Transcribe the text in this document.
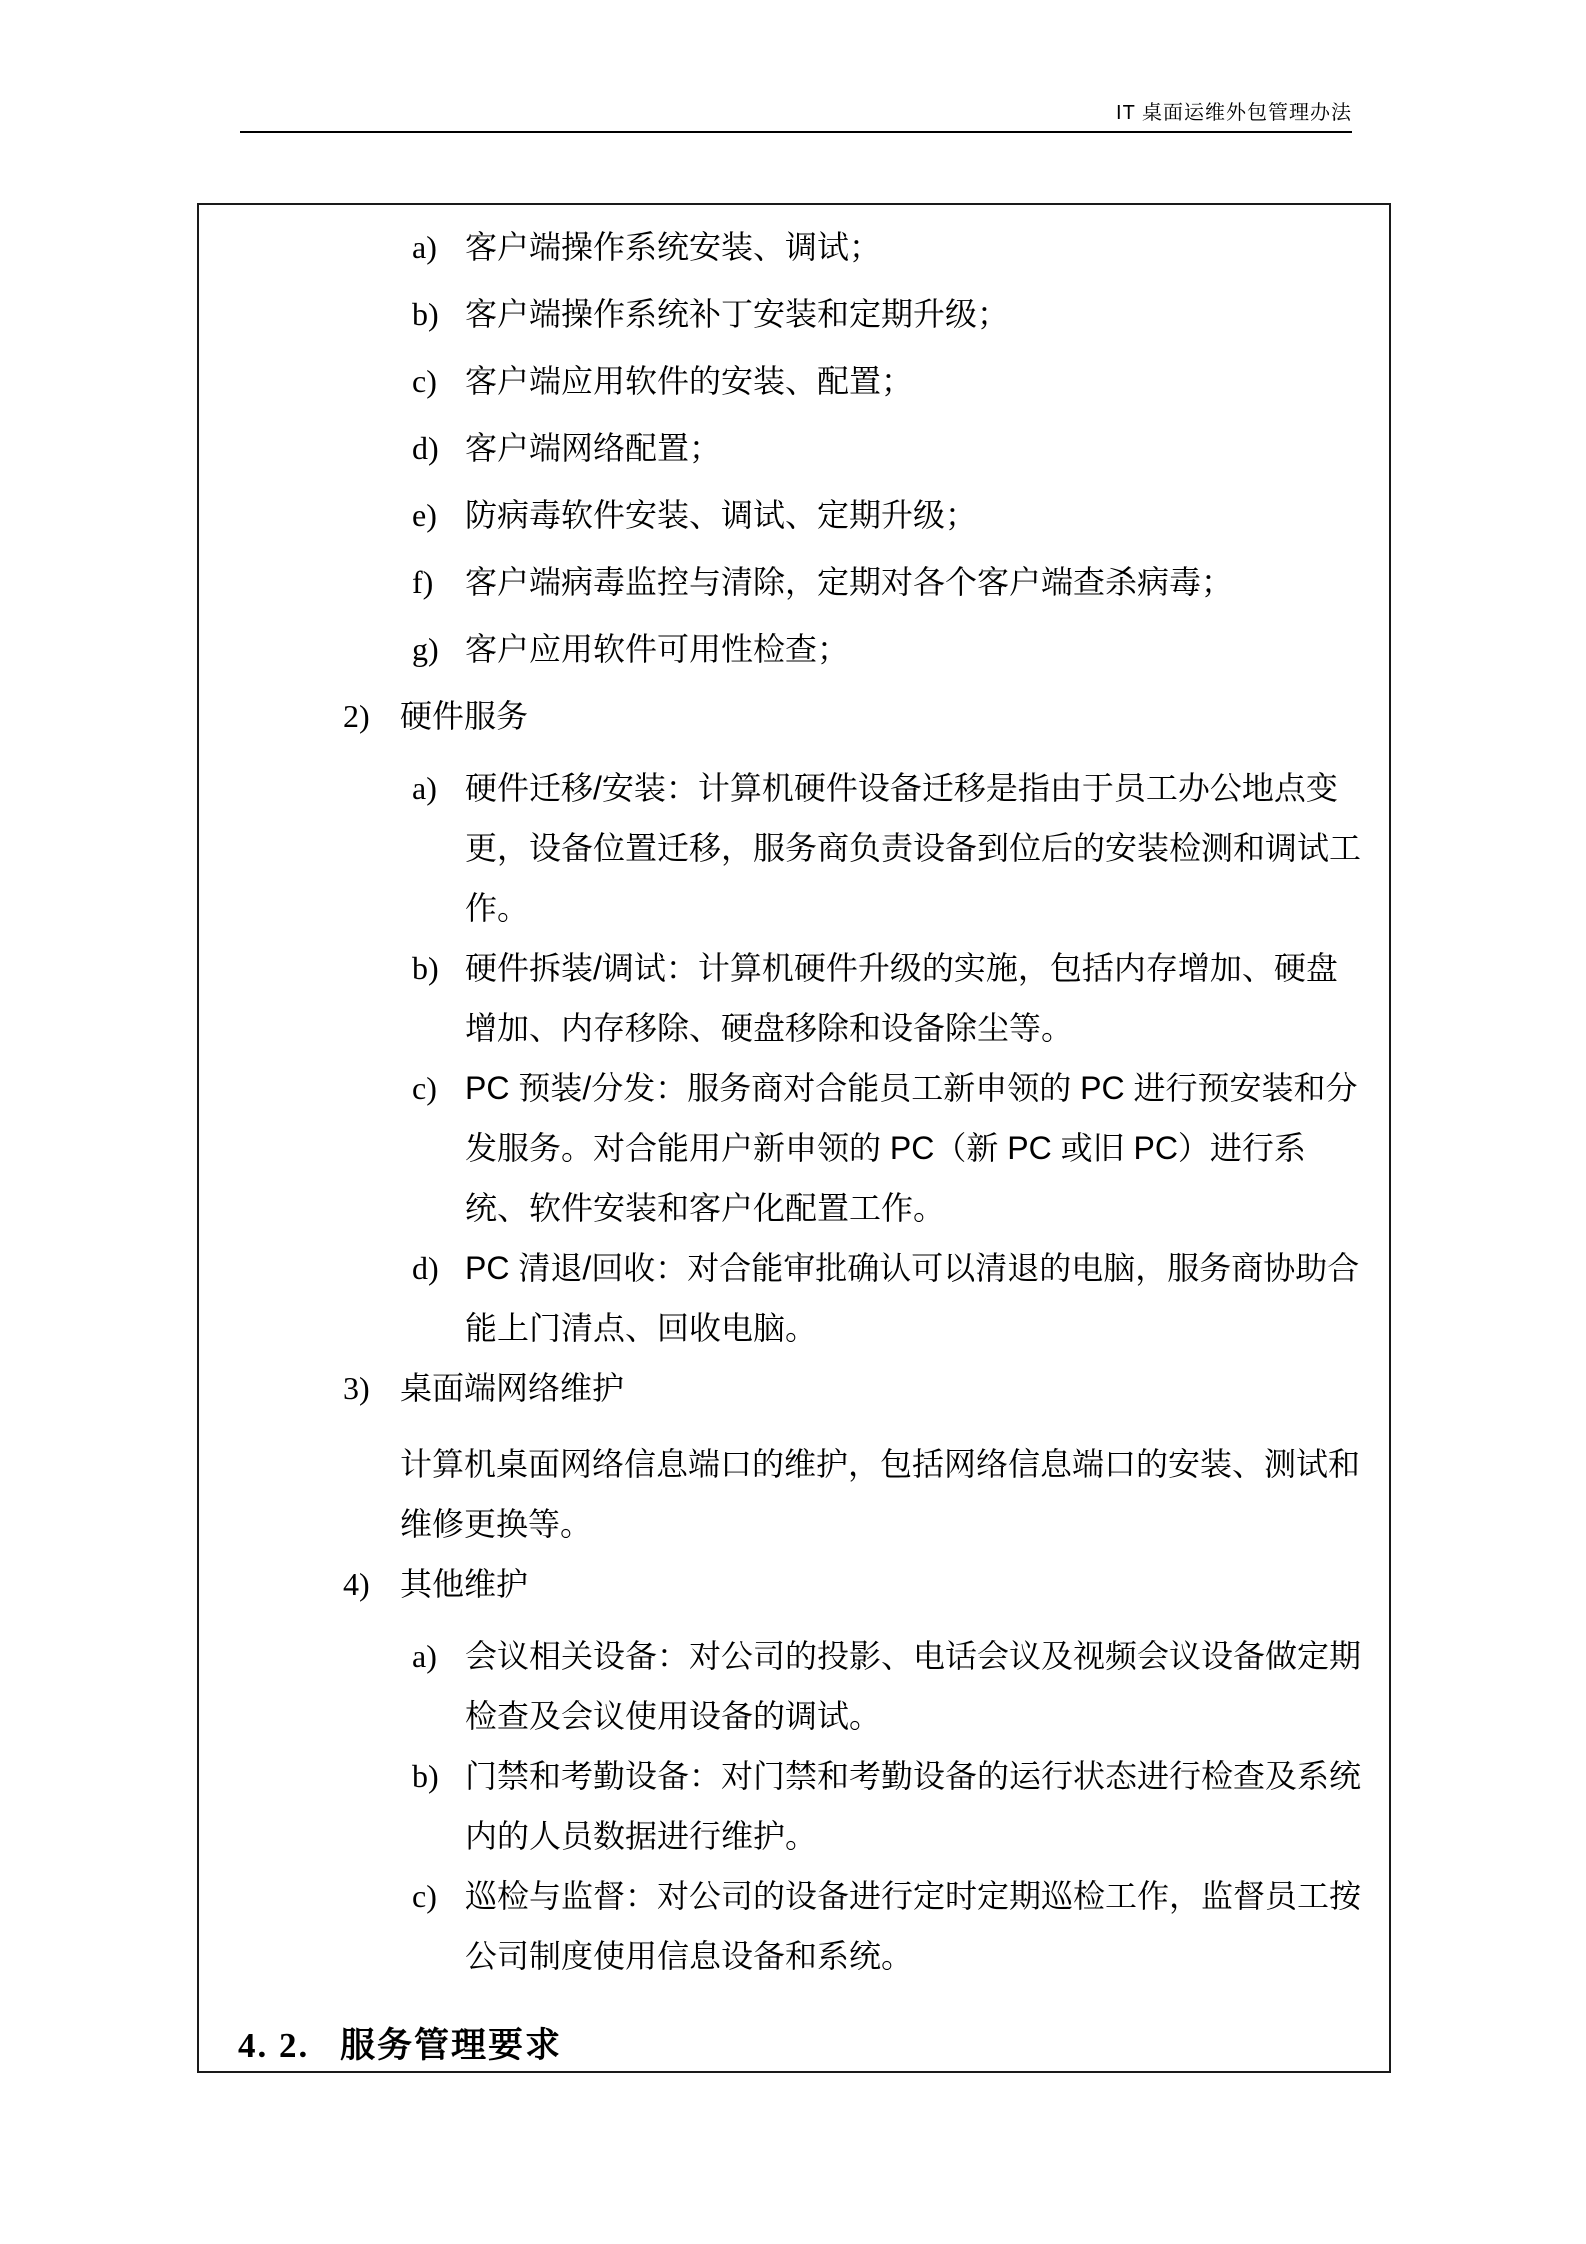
IT 桌面运维外包管理办法
a) 客户端操作系统安装、调试；
b) 客户端操作系统补丁安装和定期升级；
c) 客户端应用软件的安装、配置；
d) 客户端网络配置；
e) 防病毒软件安装、调试、定期升级；
f) 客户端病毒监控与清除，定期对各个客户端查杀病毒；
g) 客户应用软件可用性检查；
2) 硬件服务
a) 硬件迁移/安装：计算机硬件设备迁移是指由于员工办公地点变更，设备位置迁移，服务商负责设备到位后的安装检测和调试工作。
b) 硬件拆装/调试：计算机硬件升级的实施，包括内存增加、硬盘增加、内存移除、硬盘移除和设备除尘等。
c) PC 预装/分发：服务商对合能员工新申领的 PC 进行预安装和分发服务。对合能用户新申领的 PC（新 PC 或旧 PC）进行系统、软件安装和客户化配置工作。
d) PC 清退/回收：对合能审批确认可以清退的电脑，服务商协助合能上门清点、回收电脑。
3) 桌面端网络维护
计算机桌面网络信息端口的维护，包括网络信息端口的安装、测试和维修更换等。
4) 其他维护
a) 会议相关设备：对公司的投影、电话会议及视频会议设备做定期检查及会议使用设备的调试。
b) 门禁和考勤设备：对门禁和考勤设备的运行状态进行检查及系统内的人员数据进行维护。
c) 巡检与监督：对公司的设备进行定时定期巡检工作，监督员工按公司制度使用信息设备和系统。
4. 2. 服务管理要求
